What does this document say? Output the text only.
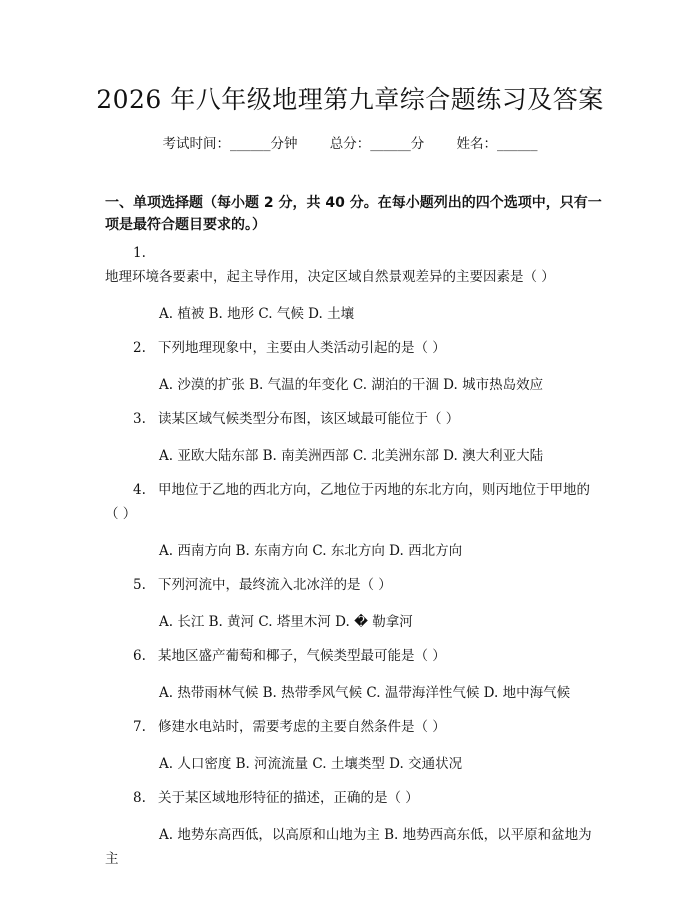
2026 年八年级地理第九章综合题练习及答案
考试时间：______分钟 总分：______分 姓名：______
一、单项选择题（每小题 2 分，共 40 分。在每小题列出的四个选项中，只有一项是最符合题目要求的。）
1.地理环境各要素中，起主导作用，决定区域自然景观差异的主要因素是（ ）
A. 植被 B. 地形 C. 气候 D. 土壤
2. 下列地理现象中，主要由人类活动引起的是（ ）
A. 沙漠的扩张 B. 气温的年变化 C. 湖泊的干涸 D. 城市热岛效应
3. 读某区域气候类型分布图，该区域最可能位于（ ）
A. 亚欧大陆东部 B. 南美洲西部 C. 北美洲东部 D. 澳大利亚大陆
4. 甲地位于乙地的西北方向，乙地位于丙地的东北方向，则丙地位于甲地的（ ）
A. 西南方向 B. 东南方向 C. 东北方向 D. 西北方向
5. 下列河流中，最终流入北冰洋的是（ ）
A. 长江 B. 黄河 C. 塔里木河 D. � 勒拿河
6. 某地区盛产葡萄和椰子，气候类型最可能是（ ）
A. 热带雨林气候 B. 热带季风气候 C. 温带海洋性气候 D. 地中海气候
7. 修建水电站时，需要考虑的主要自然条件是（ ）
A. 人口密度 B. 河流流量 C. 土壤类型 D. 交通状况
8. 关于某区域地形特征的描述，正确的是（ ）
A. 地势东高西低，以高原和山地为主 B. 地势西高东低，以平原和盆地为主
